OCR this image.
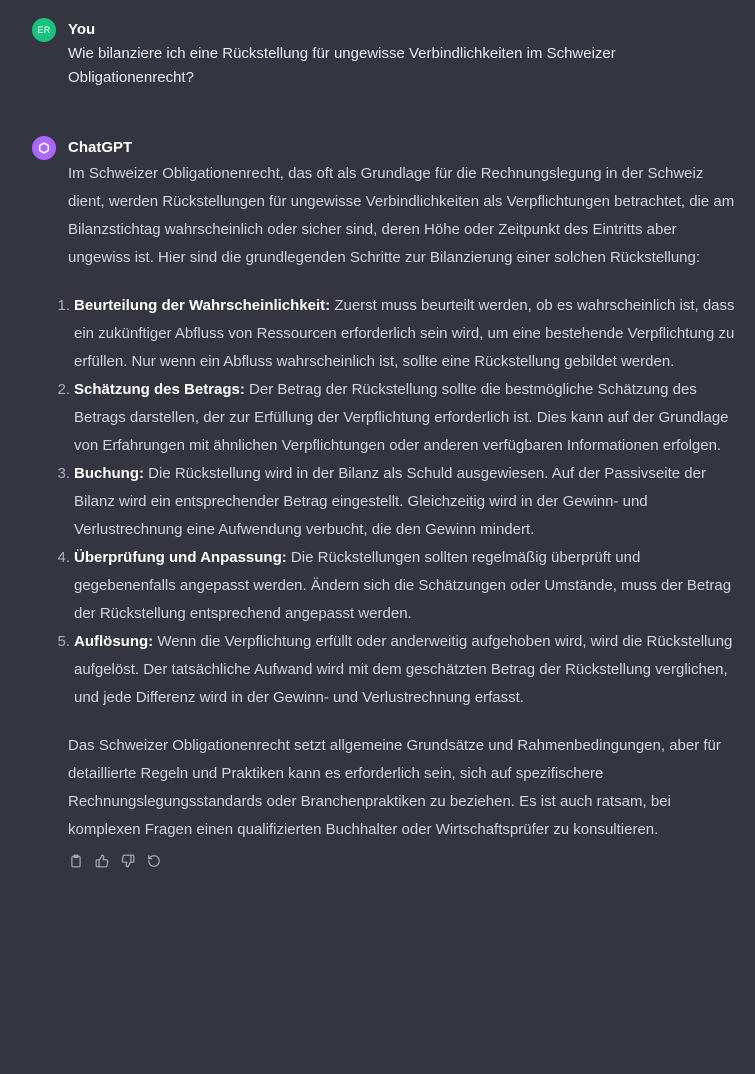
ER You
Wie bilanziere ich eine Rückstellung für ungewisse Verbindlichkeiten im Schweizer Obligationenrecht?
ChatGPT

Im Schweizer Obligationenrecht, das oft als Grundlage für die Rechnungslegung in der Schweiz dient, werden Rückstellungen für ungewisse Verbindlichkeiten als Verpflichtungen betrachtet, die am Bilanzstichtag wahrscheinlich oder sicher sind, deren Höhe oder Zeitpunkt des Eintritts aber ungewiss ist. Hier sind die grundlegenden Schritte zur Bilanzierung einer solchen Rückstellung:

1. Beurteilung der Wahrscheinlichkeit: Zuerst muss beurteilt werden, ob es wahrscheinlich ist, dass ein zukünftiger Abfluss von Ressourcen erforderlich sein wird, um eine bestehende Verpflichtung zu erfüllen. Nur wenn ein Abfluss wahrscheinlich ist, sollte eine Rückstellung gebildet werden.
2. Schätzung des Betrags: Der Betrag der Rückstellung sollte die bestmögliche Schätzung des Betrags darstellen, der zur Erfüllung der Verpflichtung erforderlich ist. Dies kann auf der Grundlage von Erfahrungen mit ähnlichen Verpflichtungen oder anderen verfügbaren Informationen erfolgen.
3. Buchung: Die Rückstellung wird in der Bilanz als Schuld ausgewiesen. Auf der Passivseite der Bilanz wird ein entsprechender Betrag eingestellt. Gleichzeitig wird in der Gewinn- und Verlustrechnung eine Aufwendung verbucht, die den Gewinn mindert.
4. Überprüfung und Anpassung: Die Rückstellungen sollten regelmäßig überprüft und gegebenenfalls angepasst werden. Ändern sich die Schätzungen oder Umstände, muss der Betrag der Rückstellung entsprechend angepasst werden.
5. Auflösung: Wenn die Verpflichtung erfüllt oder anderweitig aufgehoben wird, wird die Rückstellung aufgelöst. Der tatsächliche Aufwand wird mit dem geschätzten Betrag der Rückstellung verglichen, und jede Differenz wird in der Gewinn- und Verlustrechnung erfasst.

Das Schweizer Obligationenrecht setzt allgemeine Grundsätze und Rahmenbedingungen, aber für detaillierte Regeln und Praktiken kann es erforderlich sein, sich auf spezifischere Rechnungslegungsstandards oder Branchenpraktiken zu beziehen. Es ist auch ratsam, bei komplexen Fragen einen qualifizierten Buchhalter oder Wirtschaftsprüfer zu konsultieren.
